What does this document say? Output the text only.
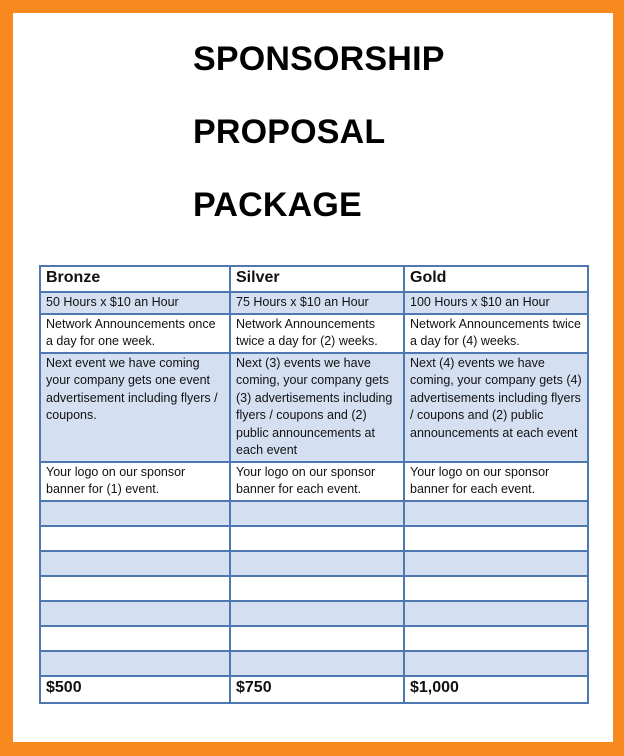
SPONSORSHIP
PROPOSAL
PACKAGE
Bronze	Silver	Gold
50 Hours x $10 an Hour	75 Hours x $10 an Hour	100 Hours x $10 an Hour
Network Announcements once a day for one week.	Network Announcements twice a day for (2) weeks.	Network Announcements twice a day for (4) weeks.
Next event we have coming your company gets one event advertisement including flyers / coupons.	Next (3) events we have coming, your company gets (3) advertisements including flyers / coupons and (2) public announcements at each event	Next (4) events we have coming, your company gets (4) advertisements including flyers / coupons and (2) public announcements at each event
Your logo on our sponsor banner for (1) event.	Your logo on our sponsor banner for each event.	Your logo on our sponsor banner for each event.

$500	$750	$1,000
